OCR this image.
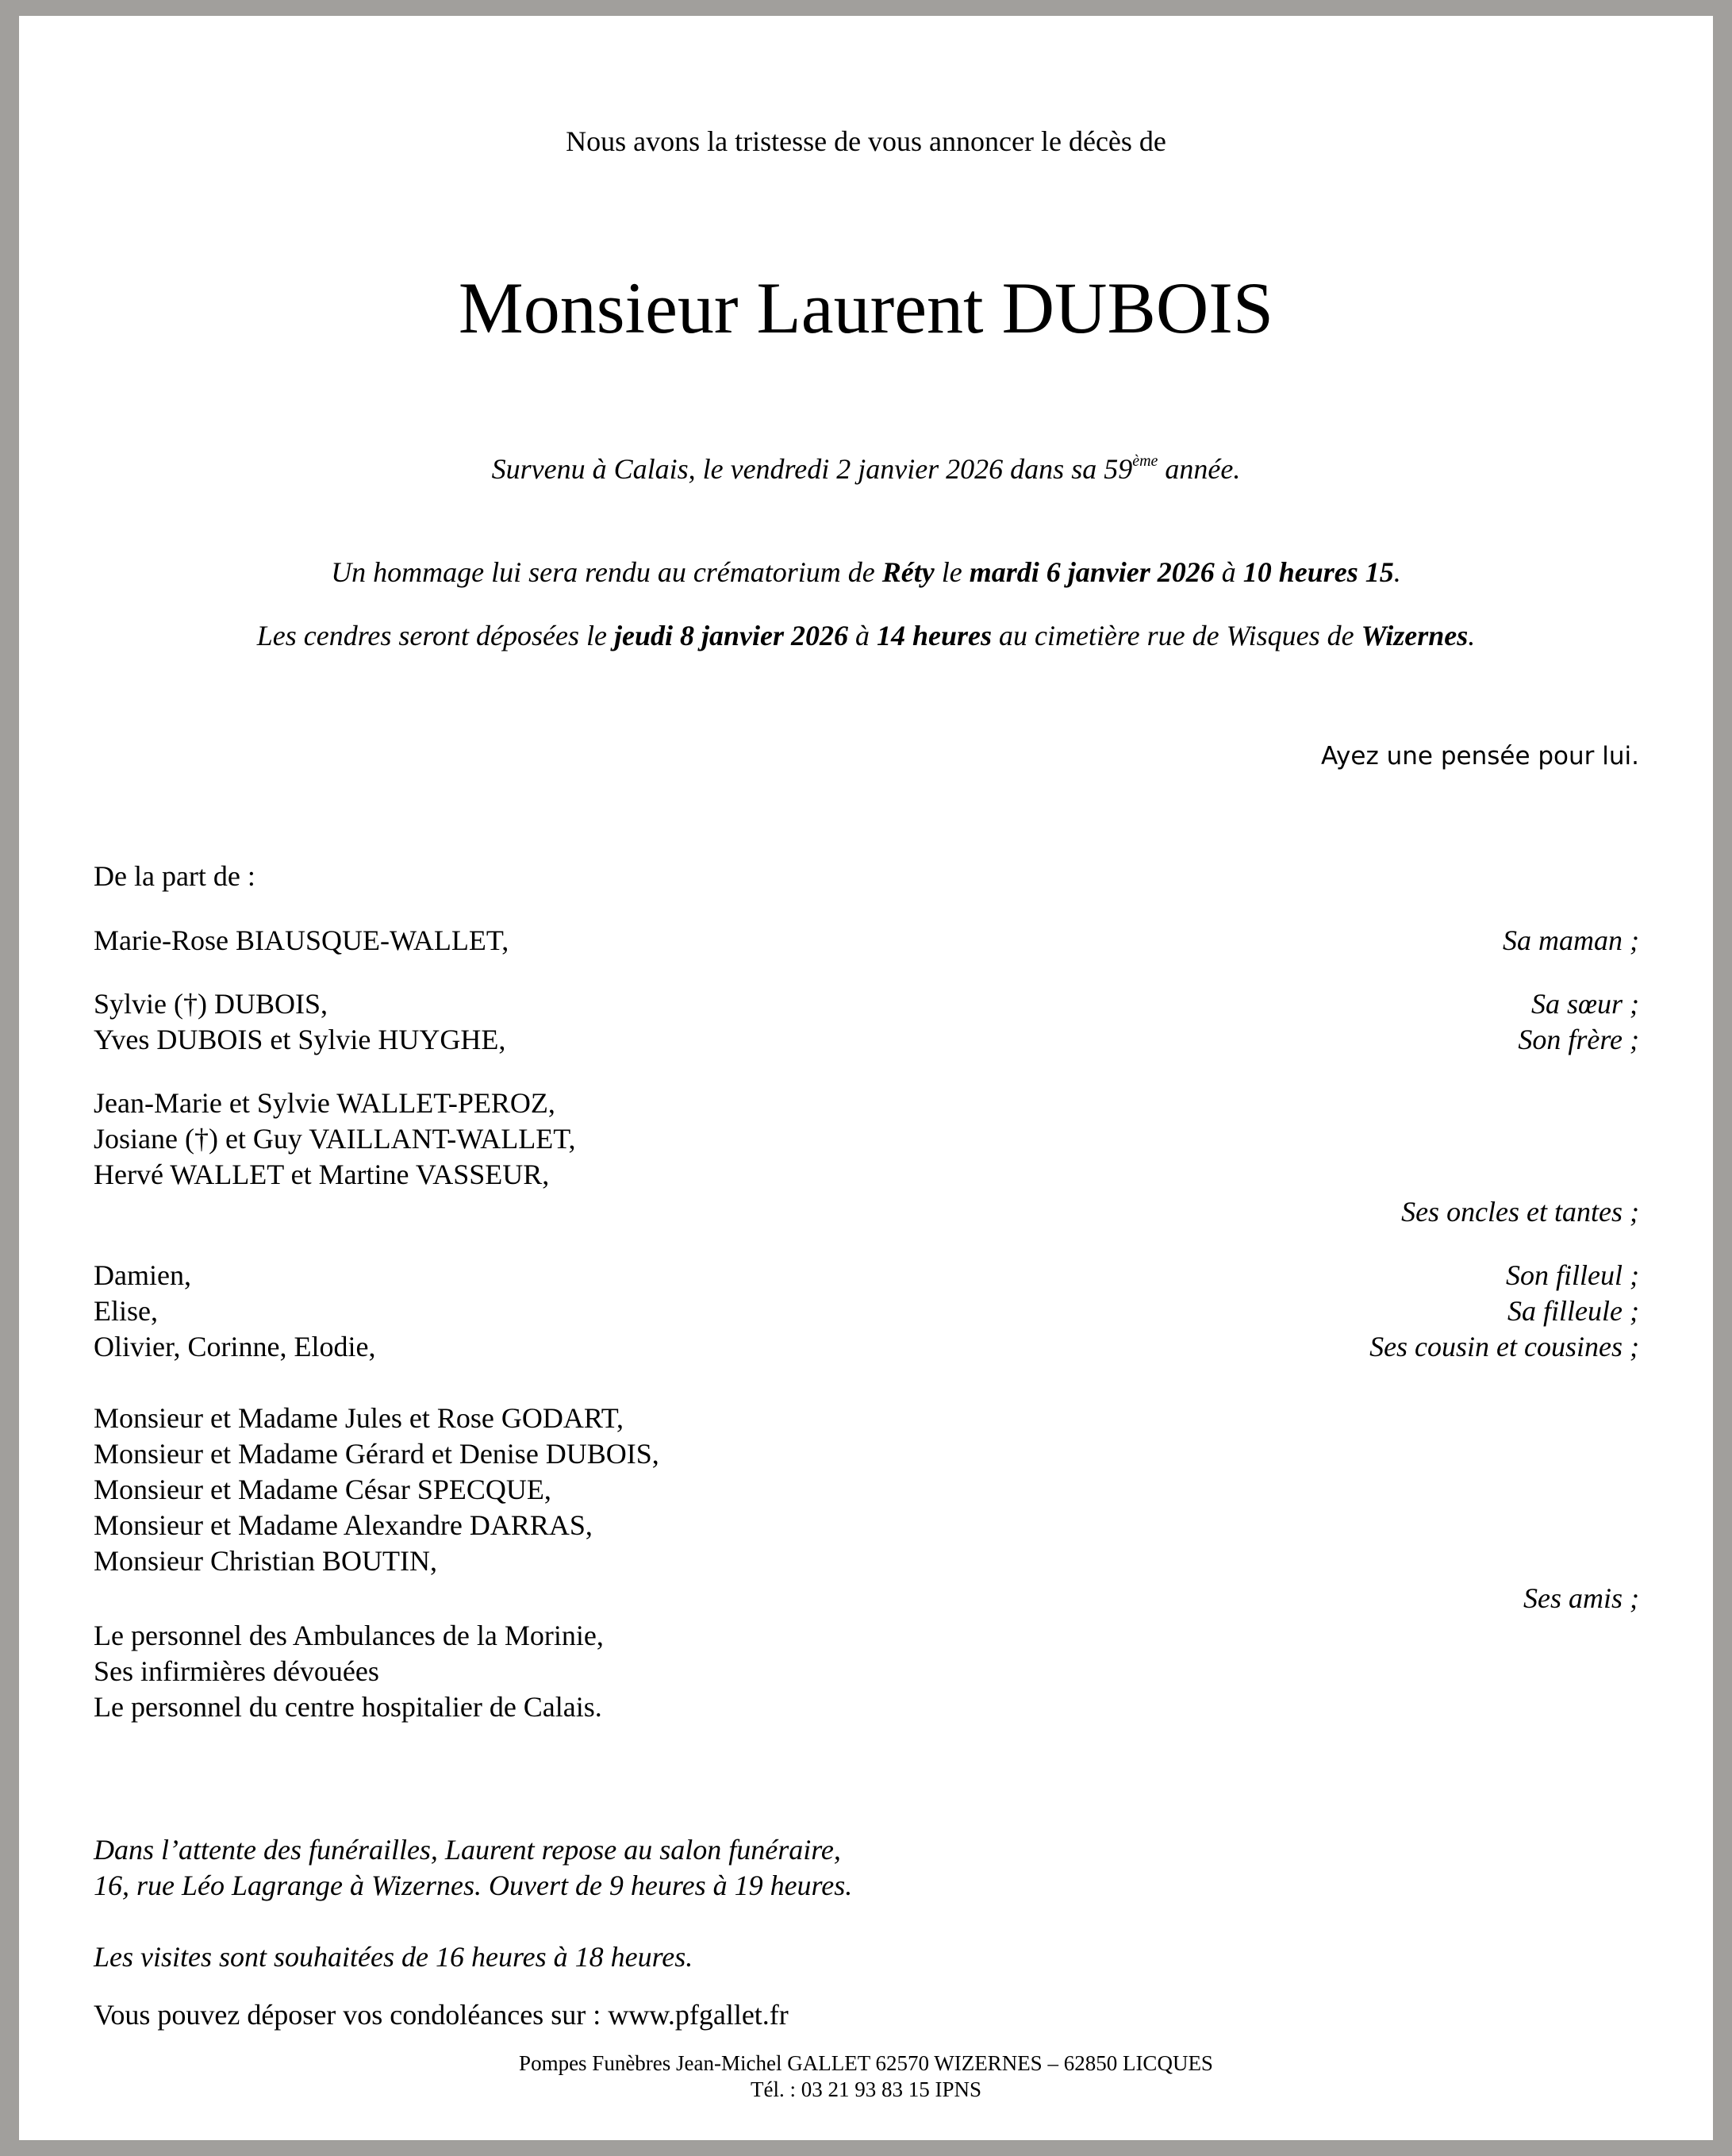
Nous avons la tristesse de vous annoncer le décès de
Monsieur Laurent DUBOIS
Survenu à Calais, le vendredi 2 janvier 2026 dans sa 59ème année.
Un hommage lui sera rendu au crématorium de Réty le mardi 6 janvier 2026 à 10 heures 15.
Les cendres seront déposées le jeudi 8 janvier 2026 à 14 heures au cimetière rue de Wisques de Wizernes.
Ayez une pensée pour lui.
De la part de :
Marie-Rose BIAUSQUE-WALLET,	Sa maman ;
Sylvie (†) DUBOIS,	Sa sœur ;
Yves DUBOIS et Sylvie HUYGHE,	Son frère ;
Jean-Marie et Sylvie WALLET-PEROZ,
Josiane (†) et Guy VAILLANT-WALLET,
Hervé WALLET et Martine VASSEUR,
Ses oncles et tantes ;
Damien,	Son filleul ;
Elise,	Sa filleule ;
Olivier, Corinne, Elodie,	Ses cousin et cousines ;
Monsieur et Madame Jules et Rose GODART,
Monsieur et Madame Gérard et Denise DUBOIS,
Monsieur et Madame César SPECQUE,
Monsieur et Madame Alexandre DARRAS,
Monsieur Christian BOUTIN,
Ses amis ;
Le personnel des Ambulances de la Morinie,
Ses infirmières dévouées
Le personnel du centre hospitalier de Calais.
Dans l’attente des funérailles, Laurent repose au salon funéraire,
16, rue Léo Lagrange à Wizernes. Ouvert de 9 heures à 19 heures.
Les visites sont souhaitées de 16 heures à 18 heures.
Vous pouvez déposer vos condoléances sur : www.pfgallet.fr
Pompes Funèbres Jean-Michel GALLET 62570 WIZERNES – 62850 LICQUES
Tél. : 03 21 93 83 15 IPNS
